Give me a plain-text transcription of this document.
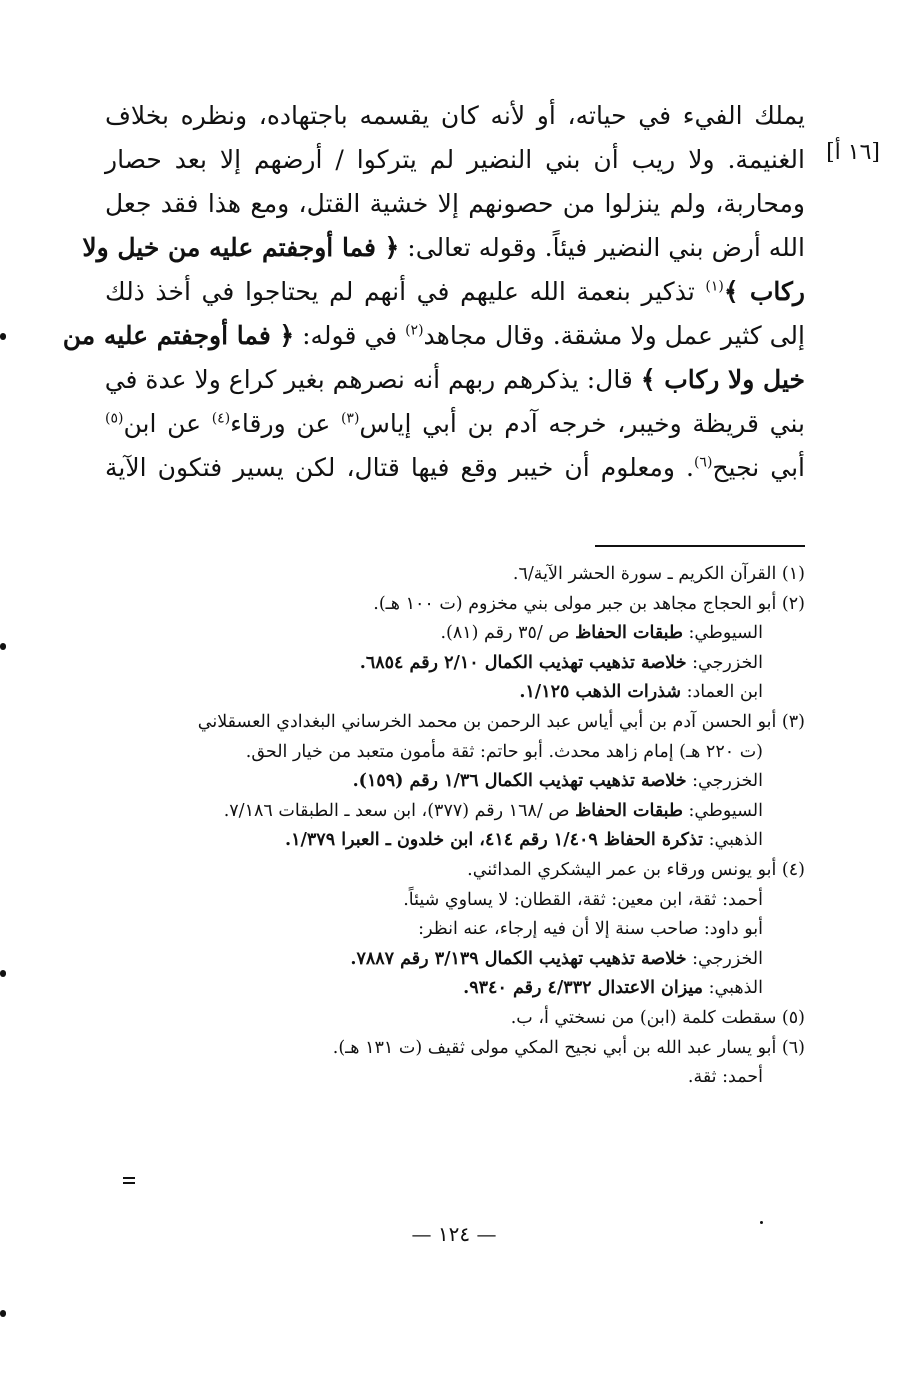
[١٦ أ]
يملك الفيء في حياته، أو لأنه كان يقسمه باجتهاده، ونظره بخلاف
الغنيمة. ولا ريب أن بني النضير لم يتركوا / أرضهم إلا بعد حصار
ومحاربة، ولم ينزلوا من حصونهم إلا خشية القتل، ومع هذا فقد جعل
الله أرض بني النضير فيئاً. وقوله تعالى: ﴿ فما أوجفتم عليه من خيل ولا
ركاب ﴾$^{(١)}$ تذكير بنعمة الله عليهم في أنهم لم يحتاجوا في أخذ ذلك
إلى كثير عمل ولا مشقة. وقال مجاهد$^{(٢)}$ في قوله: ﴿ فما أوجفتم عليه من
خيل ولا ركاب ﴾ قال: يذكرهم ربهم أنه نصرهم بغير كراع ولا عدة في
بني قريظة وخيبر، خرجه آدم بن أبي إياس$^{(٣)}$ عن ورقاء$^{(٤)}$ عن ابن$^{(٥)}$
أبي نجيح$^{(٦)}$. ومعلوم أن خيبر وقع فيها قتال، لكن يسير فتكون الآية
(١) القرآن الكريم ـ سورة الحشر الآية/٦.
(٢) أبو الحجاج مجاهد بن جبر مولى بني مخزوم (ت ١٠٠ هـ).
السيوطي: طبقات الحفاظ ص /٣٥ رقم (٨١).
الخزرجي: خلاصة تذهيب تهذيب الكمال ٢/١٠ رقم ٦٨٥٤.
ابن العماد: شذرات الذهب ١/١٢٥.
(٣) أبو الحسن آدم بن أبي أياس عبد الرحمن بن محمد الخرساني البغدادي العسقلاني
(ت ٢٢٠ هـ) إمام زاهد محدث. أبو حاتم: ثقة مأمون متعبد من خيار الحق.
الخزرجي: خلاصة تذهيب تهذيب الكمال ١/٣٦ رقم (١٥٩).
السيوطي: طبقات الحفاظ ص /١٦٨ رقم (٣٧٧)، ابن سعد ـ الطبقات ٧/١٨٦.
الذهبي: تذكرة الحفاظ ١/٤٠٩ رقم ٤١٤، ابن خلدون ـ العبرا ١/٣٧٩.
(٤) أبو يونس ورقاء بن عمر اليشكري المدائني.
أحمد: ثقة، ابن معين: ثقة، القطان: لا يساوي شيئاً.
أبو داود: صاحب سنة إلا أن فيه إرجاء، عنه انظر:
الخزرجي: خلاصة تذهيب تهذيب الكمال ٣/١٣٩ رقم ٧٨٨٧.
الذهبي: ميزان الاعتدال ٤/٣٣٢ رقم ٩٣٤٠.
(٥) سقطت كلمة (ابن) من نسختي أ، ب.
(٦) أبو يسار عبد الله بن أبي نجيح المكي مولى ثقيف (ت ١٣١ هـ).
أحمد: ثقة.
— ١٢٤ —
